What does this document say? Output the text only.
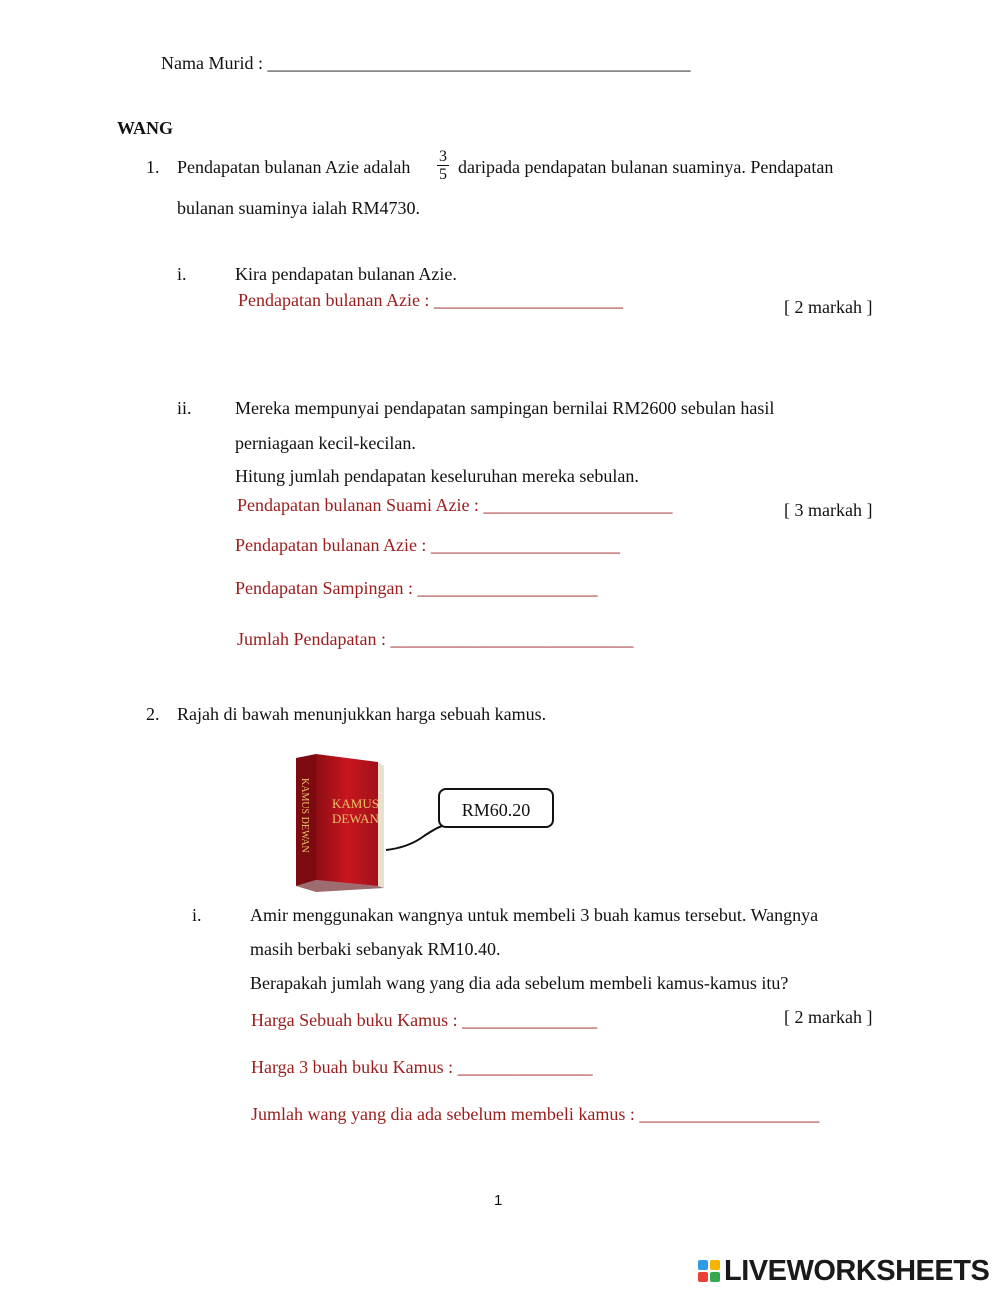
Nama Murid : _______________________________________________
WANG
1. Pendapatan bulanan Azie adalah $\frac{3}{5}$ daripada pendapatan bulanan suaminya. Pendapatan
bulanan suaminya ialah RM4730.
i.	Kira pendapatan bulanan Azie.
Pendapatan bulanan Azie : _____________________	[ 2 markah ]
ii. Mereka mempunyai pendapatan sampingan bernilai RM2600 sebulan hasil
perniagaan kecil-kecilan.
Hitung jumlah pendapatan keseluruhan mereka sebulan.
[ 3 markah ]
Pendapatan bulanan Suami Azie : _____________________
Pendapatan bulanan Azie : _____________________
Pendapatan Sampingan : ____________________
Jumlah Pendapatan : ___________________________
2. Rajah di bawah menunjukkan harga sebuah kamus.
KAMUS
DEWAN
KAMUS DEWAN	RM60.20
i.	Amir menggunakan wangnya untuk membeli 3 buah kamus tersebut. Wangnya
masih berbaki sebanyak RM10.40.
Berapakah jumlah wang yang dia ada sebelum membeli kamus-kamus itu?
[ 2 markah ]
Harga Sebuah buku Kamus : _______________
Harga 3 buah buku Kamus : _______________
Jumlah wang yang dia ada sebelum membeli kamus : ____________________
1
LIVEWORKSHEETS
